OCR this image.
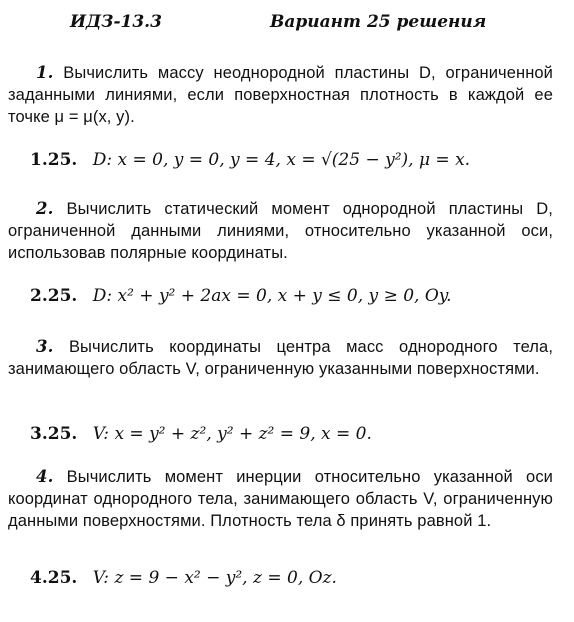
ИДЗ-13.3	Вариант 25 решения
1. Вычислить массу неоднородной пластины D, ограниченной заданными линиями, если поверхностная плотность в каждой ее точке μ = μ(x, y).
1.25. D: x = 0, y = 0, y = 4, x = √(25 − y²), μ = x.
2. Вычислить статический момент однородной пластины D, ограниченной данными линиями, относительно указанной оси, использовав полярные координаты.
2.25. D: x² + y² + 2ax = 0, x + y ≤ 0, y ≥ 0, Oy.
3. Вычислить координаты центра масс однородного тела, занимающего область V, ограниченную указанными поверхностями.
3.25. V: x = y² + z², y² + z² = 9, x = 0.
4. Вычислить момент инерции относительно указанной оси координат однородного тела, занимающего область V, ограниченную данными поверхностями. Плотность тела δ принять равной 1.
4.25. V: z = 9 − x² − y², z = 0, Oz.
